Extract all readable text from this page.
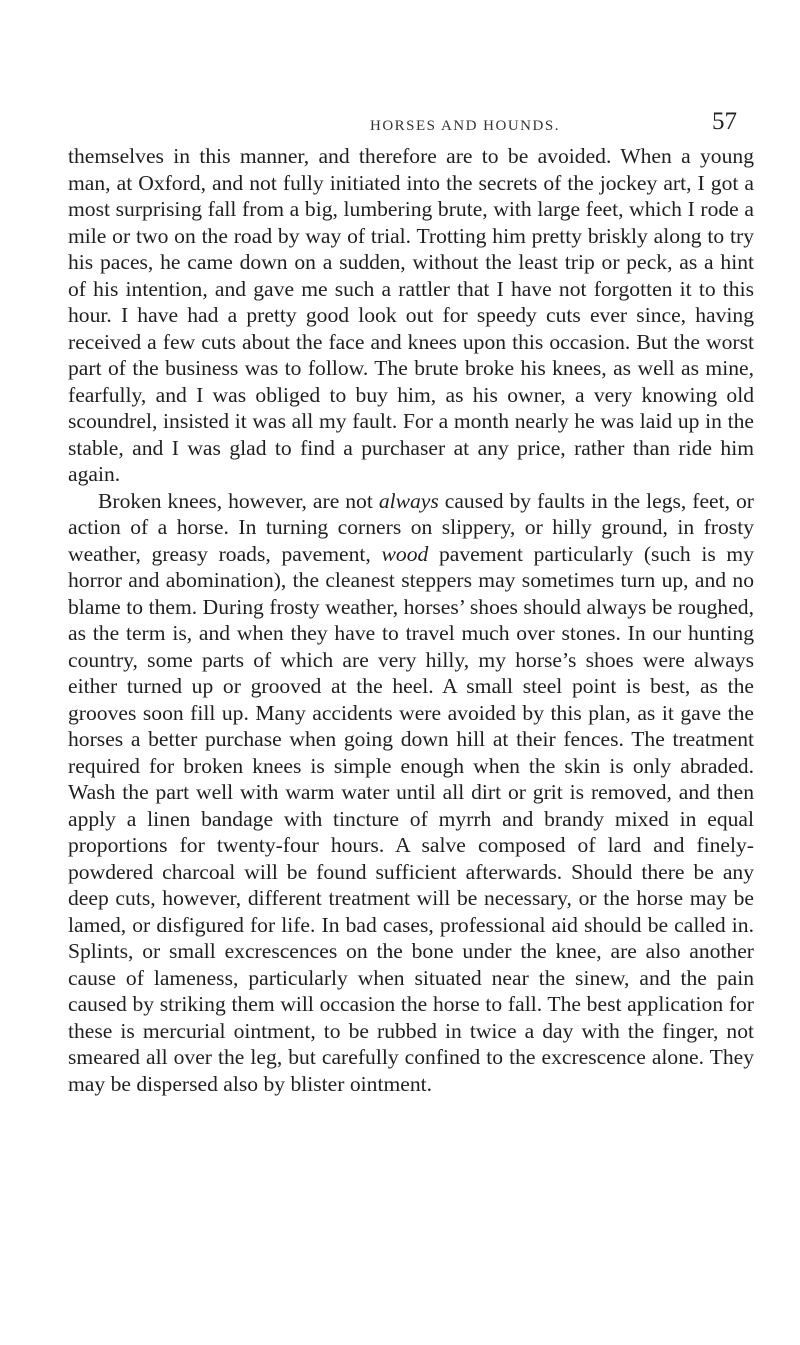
HORSES AND HOUNDS.	57

themselves in this manner, and therefore are to be avoided. When a young man, at Oxford, and not fully initiated into the secrets of the jockey art, I got a most surprising fall from a big, lumbering brute, with large feet, which I rode a mile or two on the road by way of trial. Trotting him pretty briskly along to try his paces, he came down on a sudden, without the least trip or peck, as a hint of his intention, and gave me such a rattler that I have not forgotten it to this hour. I have had a pretty good look out for speedy cuts ever since, having received a few cuts about the face and knees upon this occasion. But the worst part of the business was to follow. The brute broke his knees, as well as mine, fearfully, and I was obliged to buy him, as his owner, a very knowing old scoundrel, insisted it was all my fault. For a month nearly he was laid up in the stable, and I was glad to find a purchaser at any price, rather than ride him again.

Broken knees, however, are not always caused by faults in the legs, feet, or action of a horse. In turning corners on slippery, or hilly ground, in frosty weather, greasy roads, pavement, wood pavement particularly (such is my horror and abomination), the cleanest steppers may sometimes turn up, and no blame to them. During frosty weather, horses’ shoes should always be roughed, as the term is, and when they have to travel much over stones. In our hunting country, some parts of which are very hilly, my horse’s shoes were always either turned up or grooved at the heel. A small steel point is best, as the grooves soon fill up. Many accidents were avoided by this plan, as it gave the horses a better purchase when going down hill at their fences. The treatment required for broken knees is simple enough when the skin is only abraded. Wash the part well with warm water until all dirt or grit is removed, and then apply a linen bandage with tincture of myrrh and brandy mixed in equal proportions for twenty-four hours. A salve composed of lard and finely-powdered charcoal will be found sufficient afterwards. Should there be any deep cuts, however, different treatment will be necessary, or the horse may be lamed, or disfigured for life. In bad cases, professional aid should be called in. Splints, or small excrescences on the bone under the knee, are also another cause of lameness, particularly when situated near the sinew, and the pain caused by striking them will occasion the horse to fall. The best application for these is mercurial ointment, to be rubbed in twice a day with the finger, not smeared all over the leg, but carefully confined to the excrescence alone. They may be dispersed also by blister ointment.
